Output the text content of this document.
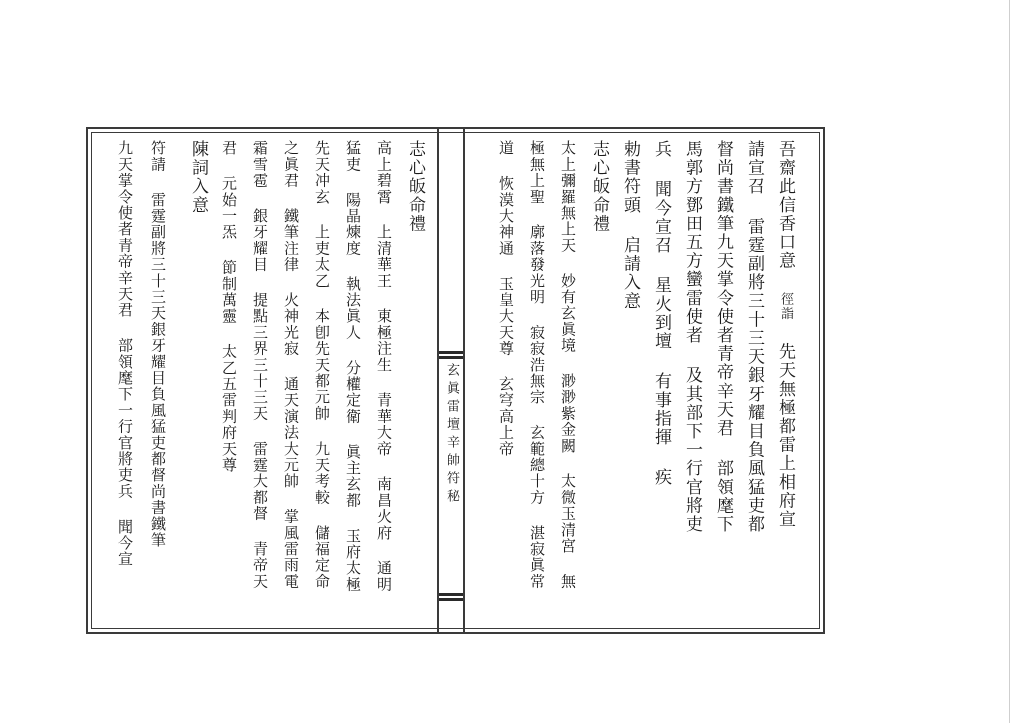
玄眞雷壇辛帥符秘
吾齋此信香口意 徑詣 先天無極都雷上相府宣
請宣召 雷霆副將三十三天銀牙耀目負風猛吏都
督尚書鐵筆九天掌令使者青帝辛天君 部領麾下
馬郭方鄧田五方蠻雷使者 及其部下一行官將吏
兵 聞今宣召 星火到壇 有事指揮 疾
勅書符頭 启請入意
志心皈命禮
太上彌羅無上天 妙有玄眞境 渺渺紫金闕 太微玉清宮 無
極無上聖 廓落發光明 寂寂浩無宗 玄範總十方 湛寂眞常
道 恢漠大神通 玉皇大天尊 玄穹高上帝
志心皈命禮
高上碧霄 上清華王 東極注生 青華大帝 南昌火府 通明
猛吏 陽晶煉度 執法眞人 分權定衛 眞主玄都 玉府太極
先天冲玄 上吏太乙 本卽先天都元帥 九天考較 儲福定命
之眞君 鐵筆注律 火神光寂 通天演法大元帥 掌風雷雨電
霜雪雹 銀牙耀目 提點三界三十三天 雷霆大都督 青帝天
君 元始一炁 節制萬靈 太乙五雷判府天尊
陳詞入意
符請 雷霆副將三十三天銀牙耀目負風猛吏都督尚書鐵筆
九天掌令使者青帝辛天君 部領麾下一行官將吏兵 聞今宣
